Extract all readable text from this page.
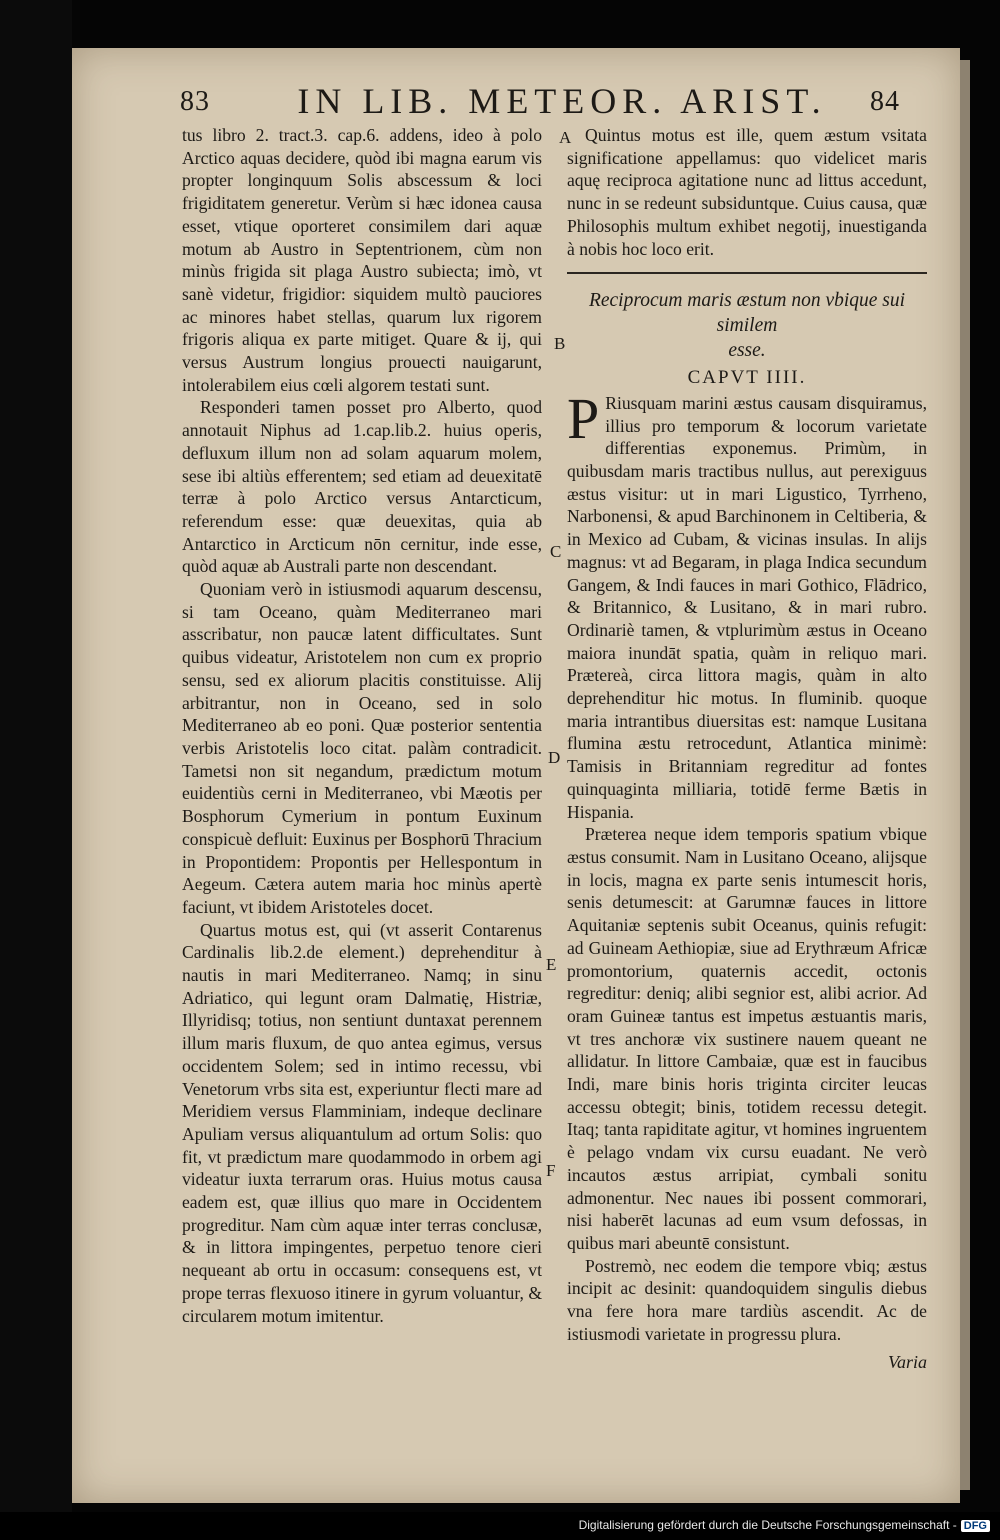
83	IN LIB. METEOR. ARIST.	84
A
B
C
D
E
F

tus libro 2. tract.3. cap.6. addens, ideo à polo Arctico aquas decidere, quòd ibi magna earum vis propter longinquum Solis abscessum & loci frigiditatem generetur. Verùm si hæc idonea causa esset, vtique oporteret consimilem dari aquæ motum ab Austro in Septentrionem, cùm non minùs frigida sit plaga Austro subiecta; imò, vt sanè videtur, frigidior: siquidem multò pauciores ac minores habet stellas, quarum lux rigorem frigoris aliqua ex parte mitiget. Quare & ij, qui versus Austrum longius prouecti nauigarunt, intolerabilem eius cœli algorem testati sunt.

Responderi tamen posset pro Alberto, quod annotauit Niphus ad 1.cap.lib.2. huius operis, defluxum illum non ad solam aquarum molem, sese ibi altiùs efferentem; sed etiam ad deuexitatē terræ à polo Arctico versus Antarcticum, referendum esse: quæ deuexitas, quia ab Antarctico in Arcticum nōn cernitur, inde esse, quòd aquæ ab Australi parte non descendant.

Quoniam verò in istiusmodi aquarum descensu, si tam Oceano, quàm Mediterraneo mari asscribatur, non paucæ latent difficultates. Sunt quibus videatur, Aristotelem non cum ex proprio sensu, sed ex aliorum placitis constituisse. Alij arbitrantur, non in Oceano, sed in solo Mediterraneo ab eo poni. Quæ posterior sententia verbis Aristotelis loco citat. palàm contradicit. Tametsi non sit negandum, prædictum motum euidentiùs cerni in Mediterraneo, vbi Mæotis per Bosphorum Cymerium in pontum Euxinum conspicuè defluit: Euxinus per Bosphorū Thracium in Propontidem: Propontis per Hellespontum in Aegeum. Cætera autem maria hoc minùs apertè faciunt, vt ibidem Aristoteles docet.

Quartus motus est, qui (vt asserit Contarenus Cardinalis lib.2.de element.) deprehenditur à nautis in mari Mediterraneo. Namq; in sinu Adriatico, qui legunt oram Dalmatię, Histriæ, Illyridisq; totius, non sentiunt duntaxat perennem illum maris fluxum, de quo antea egimus, versus occidentem Solem; sed in intimo recessu, vbi Venetorum vrbs sita est, experiuntur flecti mare ad Meridiem versus Flamminiam, indeque declinare Apuliam versus aliquantulum ad ortum Solis: quo fit, vt prædictum mare quodammodo in orbem agi videatur iuxta terrarum oras. Huius motus causa eadem est, quæ illius quo mare in Occidentem progreditur. Nam cùm aquæ inter terras conclusæ, & in littora impingentes, perpetuo tenore cieri nequeant ab ortu in occasum: consequens est, vt prope terras flexuoso itinere in gyrum voluantur, & circularem motum imitentur.

Quintus motus est ille, quem æstum vsitata significatione appellamus: quo videlicet maris aquę reciproca agitatione nunc ad littus accedunt, nunc in se redeunt subsiduntque. Cuius causa, quæ Philosophis multum exhibet negotij, inuestiganda à nobis hoc loco erit.

Reciprocum maris æstum non vbique sui similem

esse.

CAPVT IIII.

P Riusquam marini æstus causam disquiramus, illius pro temporum & locorum varietate differentias exponemus. Primùm, in quibusdam maris tractibus nullus, aut perexiguus æstus visitur: ut in mari Ligustico, Tyrrheno, Narbonensi, & apud Barchinonem in Celtiberia, & in Mexico ad Cubam, & vicinas insulas. In alijs magnus: vt ad Begaram, in plaga Indica secundum Gangem, & Indi fauces in mari Gothico, Flādrico, & Britannico, & Lusitano, & in mari rubro. Ordinariè tamen, & vtplurimùm æstus in Oceano maiora inundāt spatia, quàm in reliquo mari. Prætereà, circa littora magis, quàm in alto deprehenditur hic motus. In fluminib. quoque maria intrantibus diuersitas est: namque Lusitana flumina æstu retrocedunt, Atlantica minimè: Tamisis in Britanniam regreditur ad fontes quinquaginta milliaria, totidē ferme Bætis in Hispania.

Præterea neque idem temporis spatium vbique æstus consumit. Nam in Lusitano Oceano, alijsque in locis, magna ex parte senis intumescit horis, senis detumescit: at Garumnæ fauces in littore Aquitaniæ septenis subit Oceanus, quinis refugit: ad Guineam Aethiopiæ, siue ad Erythræum Africæ promontorium, quaternis accedit, octonis regreditur: deniq; alibi segnior est, alibi acrior. Ad oram Guineæ tantus est impetus æstuantis maris, vt tres anchoræ vix sustinere nauem queant ne allidatur. In littore Cambaiæ, quæ est in faucibus Indi, mare binis horis triginta circiter leucas accessu obtegit; binis, totidem recessu detegit. Itaq; tanta rapiditate agitur, vt homines ingruentem è pelago vndam vix cursu euadant. Ne verò incautos æstus arripiat, cymbali sonitu admonentur. Nec naues ibi possent commorari, nisi haberēt lacunas ad eum vsum defossas, in quibus mari abeuntē consistunt.

Postremò, nec eodem die tempore vbiq; æstus incipit ac desinit: quandoquidem singulis diebus vna fere hora mare tardiùs ascendit. Ac de istiusmodi varietate in progressu plura.

Varia
Digitalisierung gefördert durch die Deutsche Forschungsgemeinschaft - DFG
